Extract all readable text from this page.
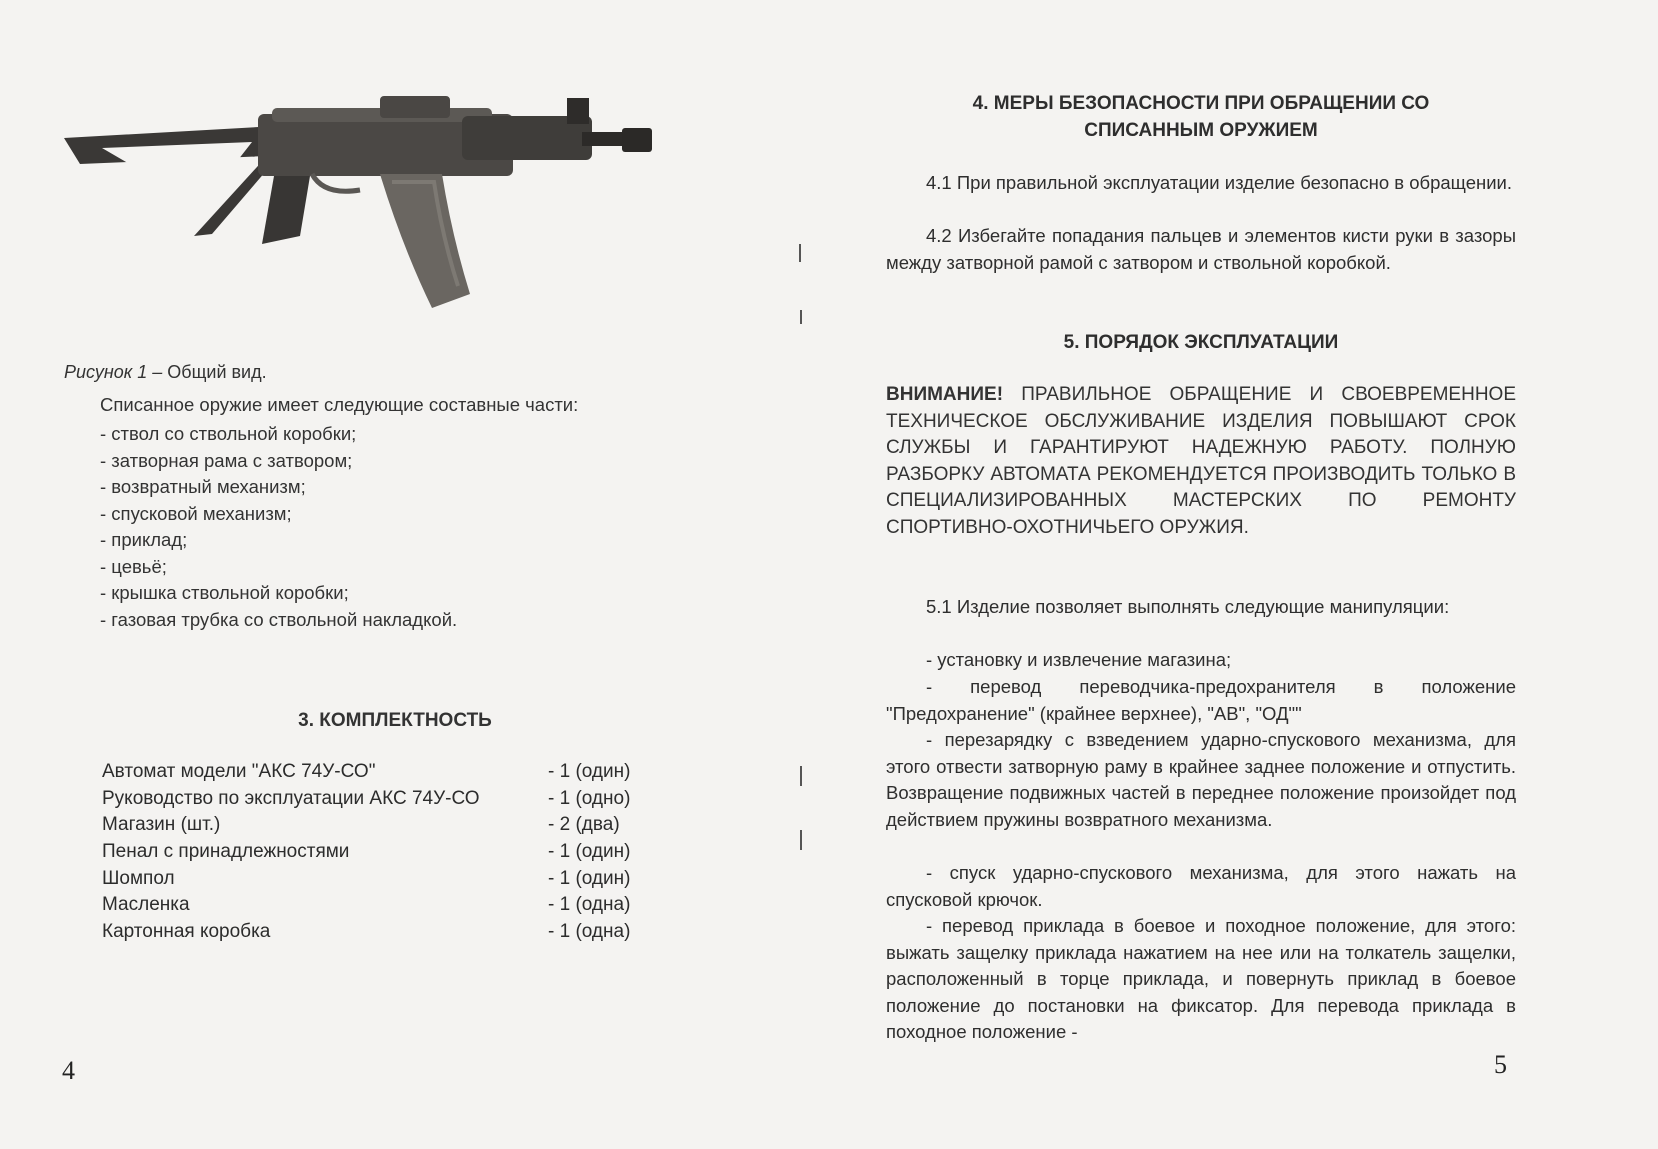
Рисунок 1 – Общий вид.
Списанное оружие имеет следующие составные части:
- ствол со ствольной коробки;
- затворная рама с затвором;
- возвратный механизм;
- спусковой механизм;
- приклад;
- цевьё;
- крышка ствольной коробки;
- газовая трубка со ствольной накладкой.
3. КОМПЛЕКТНОСТЬ
Автомат модели "АКС 74У-СО"	- 1 (один)
Руководство по эксплуатации АКС 74У-СО	- 1 (одно)
Магазин (шт.)	- 2 (два)
Пенал с принадлежностями	- 1 (один)
Шомпол	- 1 (один)
Масленка	- 1 (одна)
Картонная коробка	- 1 (одна)
4
4. МЕРЫ БЕЗОПАСНОСТИ ПРИ ОБРАЩЕНИИ СО
СПИСАННЫМ ОРУЖИЕМ

4.1 При правильной эксплуатации изделие безопасно в обращении.

4.2 Избегайте попадания пальцев и элементов кисти руки в зазоры между затворной рамой с затвором и ствольной коробкой.

5. ПОРЯДОК ЭКСПЛУАТАЦИИ

ВНИМАНИЕ! ПРАВИЛЬНОЕ ОБРАЩЕНИЕ И СВОЕВРЕМЕННОЕ ТЕХНИЧЕСКОЕ ОБСЛУЖИВАНИЕ ИЗДЕЛИЯ ПОВЫШАЮТ СРОК СЛУЖБЫ И ГАРАНТИРУЮТ НАДЕЖНУЮ РАБОТУ. ПОЛНУЮ РАЗБОРКУ АВТОМАТА РЕКОМЕНДУЕТСЯ ПРОИЗВОДИТЬ ТОЛЬКО В СПЕЦИАЛИЗИРОВАННЫХ МАСТЕРСКИХ ПО РЕМОНТУ
СПОРТИВНО-ОХОТНИЧЬЕГО ОРУЖИЯ.

5.1 Изделие позволяет выполнять следующие манипуляции:

- установку и извлечение магазина;

- перевод переводчика-предохранителя в положение "Предохранение" (крайнее верхнее), "АВ", "ОД""

- перезарядку с взведением ударно-спускового механизма, для этого отвести затворную раму в крайнее заднее положение и отпустить. Возвращение подвижных частей в переднее положение произойдет под действием пружины возвратного механизма.

- спуск ударно-спускового механизма, для этого нажать на спусковой крючок.

- перевод приклада в боевое и походное положение, для этого: выжать защелку приклада нажатием на нее или на толкатель защелки, расположенный в торце приклада, и повернуть приклад в боевое положение до постановки на фиксатор. Для перевода приклада в походное положение -

5
